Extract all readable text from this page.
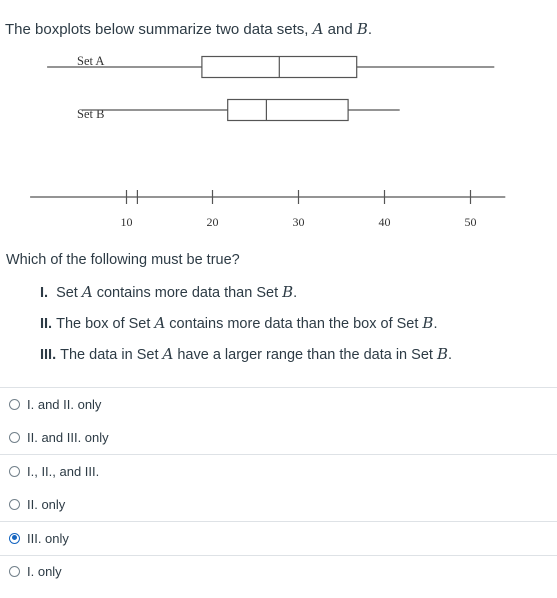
The boxplots below summarize two data sets, A and B.
Set A
Set B
10	20	30	40	50
Which of the following must be true?
I. Set A contains more data than Set B.
II. The box of Set A contains more data than the box of Set B.
III. The data in Set A have a larger range than the data in Set B.
I. and II. only
II. and III. only
I., II., and III.
II. only
III. only
I. only
